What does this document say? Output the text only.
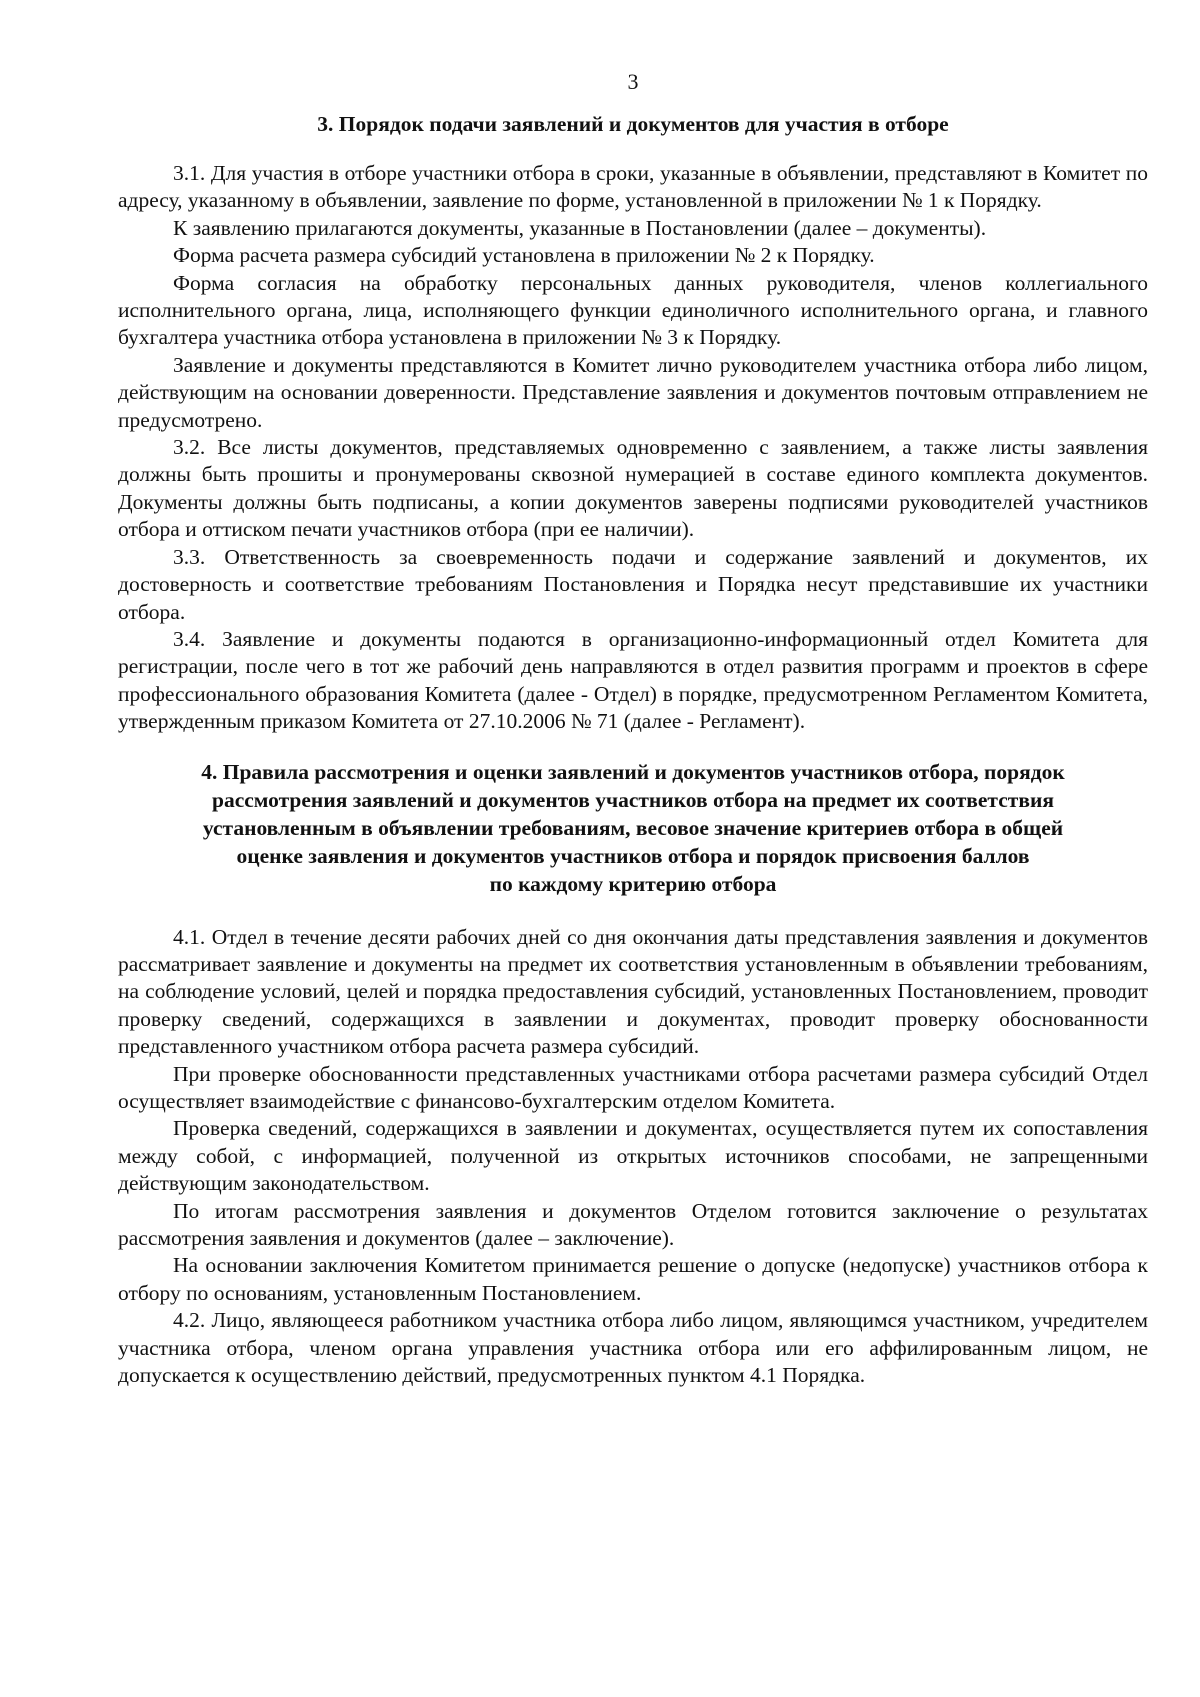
3
3. Порядок подачи заявлений и документов для участия в отборе

3.1. Для участия в отборе участники отбора в сроки, указанные в объявлении, представляют в Комитет по адресу, указанному в объявлении, заявление по форме, установленной в приложении № 1 к Порядку.

К заявлению прилагаются документы, указанные в Постановлении (далее – документы).

Форма расчета размера субсидий установлена в приложении № 2 к Порядку.

Форма согласия на обработку персональных данных руководителя, членов коллегиального исполнительного органа, лица, исполняющего функции единоличного исполнительного органа, и главного бухгалтера участника отбора установлена в приложении № 3 к Порядку.

Заявление и документы представляются в Комитет лично руководителем участника отбора либо лицом, действующим на основании доверенности. Представление заявления и документов почтовым отправлением не предусмотрено.

3.2. Все листы документов, представляемых одновременно с заявлением, а также листы заявления должны быть прошиты и пронумерованы сквозной нумерацией в составе единого комплекта документов. Документы должны быть подписаны, а копии документов заверены подписями руководителей участников отбора и оттиском печати участников отбора (при ее наличии).

3.3. Ответственность за своевременность подачи и содержание заявлений и документов, их достоверность и соответствие требованиям Постановления и Порядка несут представившие их участники отбора.

3.4. Заявление и документы подаются в организационно-информационный отдел Комитета для регистрации, после чего в тот же рабочий день направляются в отдел развития программ и проектов в сфере профессионального образования Комитета (далее - Отдел) в порядке, предусмотренном Регламентом Комитета, утвержденным приказом Комитета от 27.10.2006 № 71 (далее - Регламент).

4. Правила рассмотрения и оценки заявлений и документов участников отбора, порядок
рассмотрения заявлений и документов участников отбора на предмет их соответствия
установленным в объявлении требованиям, весовое значение критериев отбора в общей
оценке заявления и документов участников отбора и порядок присвоения баллов
по каждому критерию отбора

4.1. Отдел в течение десяти рабочих дней со дня окончания даты представления заявления и документов рассматривает заявление и документы на предмет их соответствия установленным в объявлении требованиям, на соблюдение условий, целей и порядка предоставления субсидий, установленных Постановлением, проводит проверку сведений, содержащихся в заявлении и документах, проводит проверку обоснованности представленного участником отбора расчета размера субсидий.

При проверке обоснованности представленных участниками отбора расчетами размера субсидий Отдел осуществляет взаимодействие с финансово-бухгалтерским отделом Комитета.

Проверка сведений, содержащихся в заявлении и документах, осуществляется путем их сопоставления между собой, с информацией, полученной из открытых источников способами, не запрещенными действующим законодательством.

По итогам рассмотрения заявления и документов Отделом готовится заключение о результатах рассмотрения заявления и документов (далее – заключение).

На основании заключения Комитетом принимается решение о допуске (недопуске) участников отбора к отбору по основаниям, установленным Постановлением.

4.2. Лицо, являющееся работником участника отбора либо лицом, являющимся участником, учредителем участника отбора, членом органа управления участника отбора или его аффилированным лицом, не допускается к осуществлению действий, предусмотренных пунктом 4.1 Порядка.
